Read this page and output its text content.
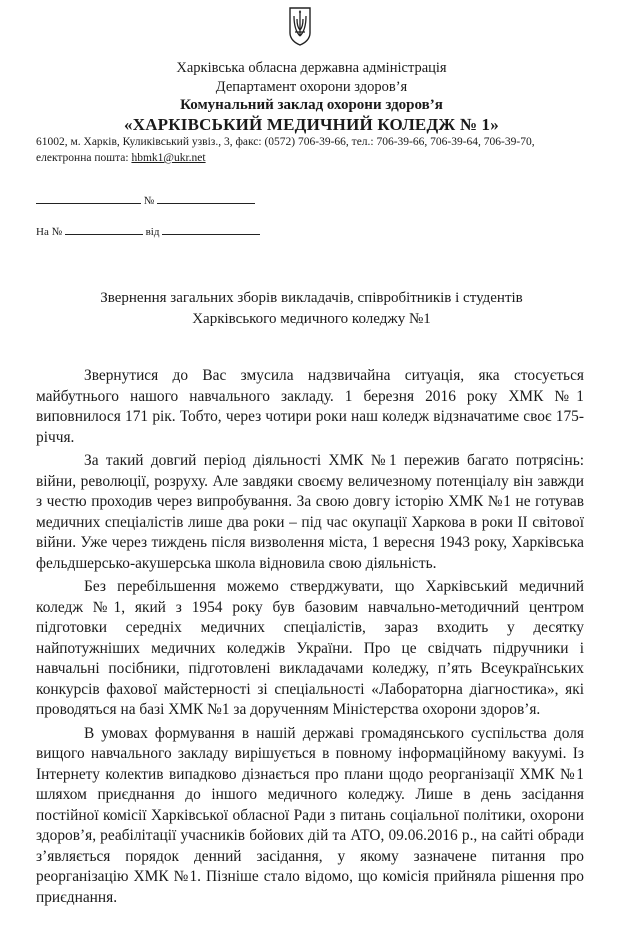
Харківська обласна державна адміністрація
Департамент охорони здоров’я
Комунальний заклад охорони здоров’я
«ХАРКІВСЬКИЙ МЕДИЧНИЙ КОЛЕДЖ № 1»
61002, м. Харків, Куликівський узвіз., 3, факс: (0572) 706-39-66, тел.: 706-39-66, 706-39-64, 706-39-70,
електронна пошта: hbmk1@ukr.net
№
На №	від
Звернення загальних зборів викладачів, співробітників і студентів
Харківського медичного коледжу №1

Звернутися до Вас змусила надзвичайна ситуація, яка стосується майбутнього нашого навчального закладу. 1 березня 2016 року ХМК №1 виповнилося 171 рік. Тобто, через чотири роки наш коледж відзначатиме своє 175- річчя.

За такий довгий період діяльності ХМК №1 пережив багато потрясінь: війни, революції, розруху. Але завдяки своєму величезному потенціалу він завжди з честю проходив через випробування. За свою довгу історію ХМК №1 не готував медичних спеціалістів лише два роки – під час окупації Харкова в роки ІІ світової війни. Уже через тиждень після визволення міста, 1 вересня 1943 року, Харківська фельдшерсько-акушерська школа відновила свою діяльність.

Без перебільшення можемо стверджувати, що Харківський медичний коледж №1, який з 1954 року був базовим навчально-методичний центром підготовки середніх медичних спеціалістів, зараз входить у десятку найпотужніших медичних коледжів України. Про це свідчать підручники і навчальні посібники, підготовлені викладачами коледжу, п’ять Всеукраїнських конкурсів фахової майстерності зі спеціальності «Лабораторна діагностика», які проводяться на базі ХМК №1 за дорученням Міністерства охорони здоров’я.

В умовах формування в нашій державі громадянського суспільства доля вищого навчального закладу вирішується в повному інформаційному вакуумі. Із Інтернету колектив випадково дізнається про плани щодо реорганізації ХМК №1 шляхом приєднання до іншого медичного коледжу. Лише в день засідання постійної комісії Харківської обласної Ради з питань соціальної політики, охорони здоров’я, реабілітації учасників бойових дій та АТО, 09.06.2016 р., на сайті обради з’являється порядок денний засідання, у якому зазначене питання про реорганізацію ХМК №1. Пізніше стало відомо, що комісія прийняла рішення про приєднання.
